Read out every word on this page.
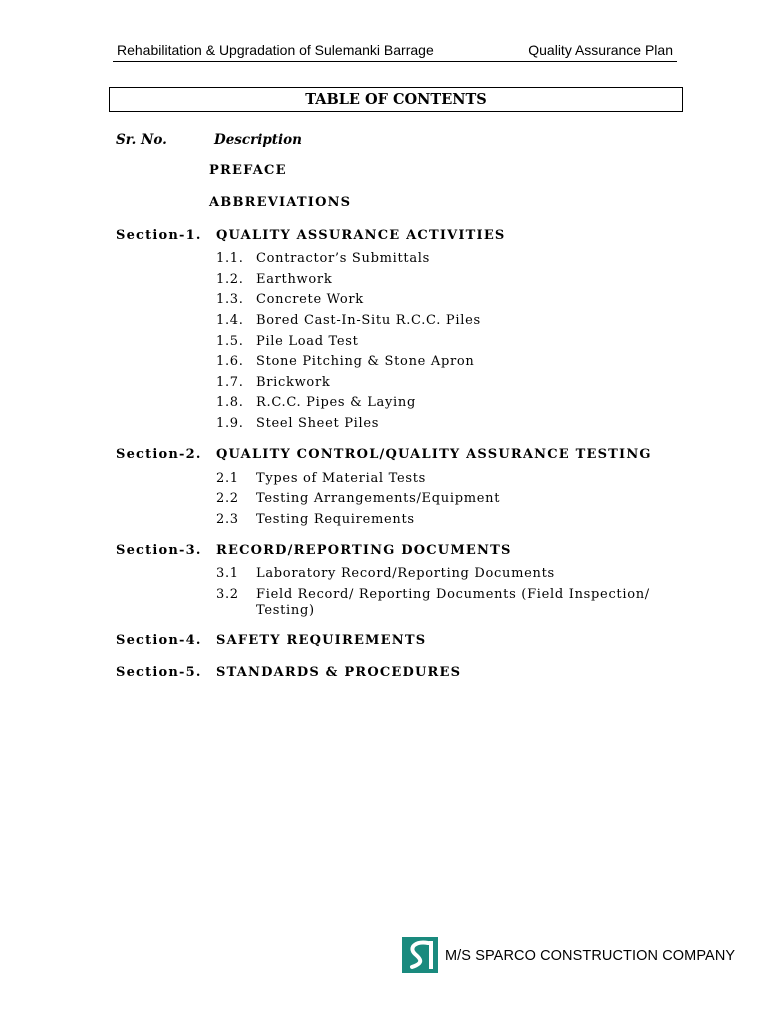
Rehabilitation & Upgradation of Sulemanki Barrage	Quality Assurance Plan
TABLE OF CONTENTS
Sr. No.	Description
PREFACE
ABBREVIATIONS
Section-1. QUALITY ASSURANCE ACTIVITIES
1.1. Contractor’s Submittals
1.2. Earthwork
1.3. Concrete Work
1.4. Bored Cast-In-Situ R.C.C. Piles
1.5. Pile Load Test
1.6. Stone Pitching & Stone Apron
1.7. Brickwork
1.8. R.C.C. Pipes & Laying
1.9. Steel Sheet Piles
Section-2. QUALITY CONTROL/QUALITY ASSURANCE TESTING
2.1 Types of Material Tests
2.2 Testing Arrangements/Equipment
2.3 Testing Requirements
Section-3. RECORD/REPORTING DOCUMENTS
3.1 Laboratory Record/Reporting Documents
3.2 Field Record/ Reporting Documents (Field Inspection/
Testing)
Section-4. SAFETY REQUIREMENTS
Section-5. STANDARDS & PROCEDURES
M/S SPARCO CONSTRUCTION COMPANY
